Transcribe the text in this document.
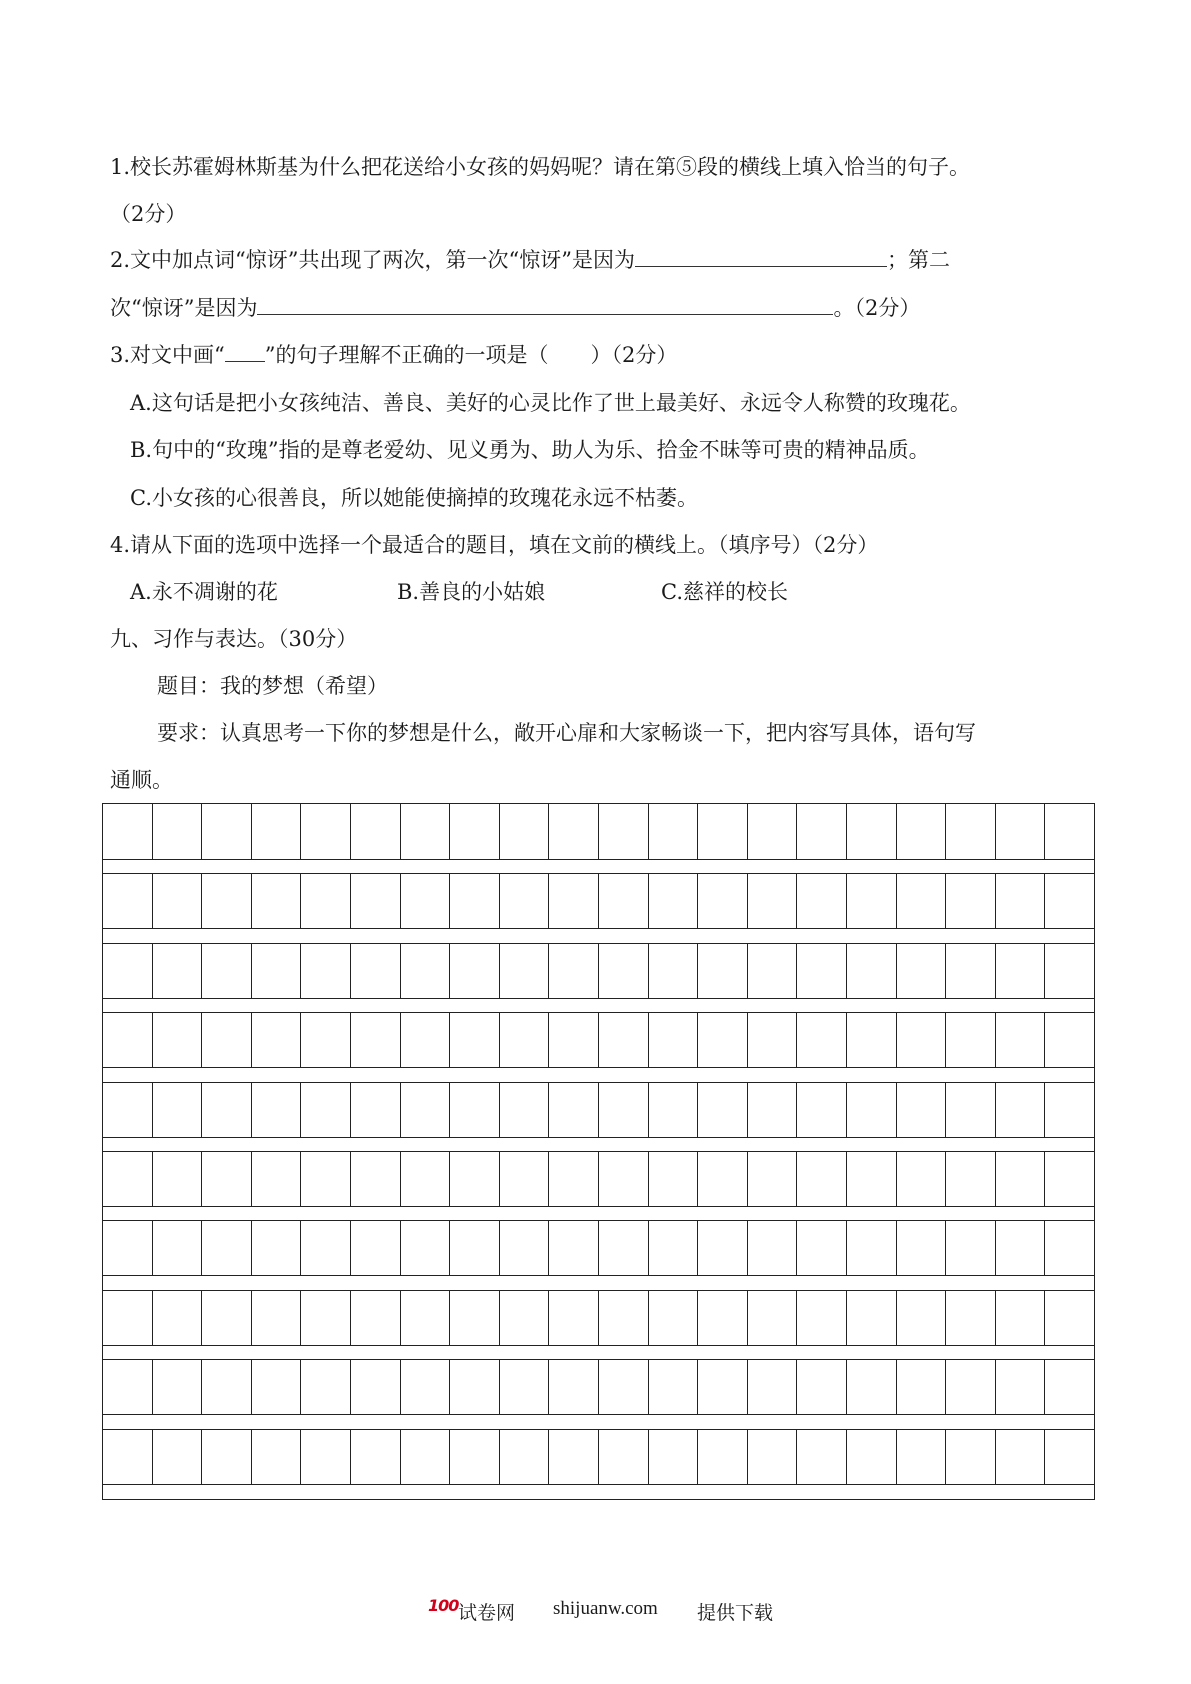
1.校长苏霍姆林斯基为什么把花送给小女孩的妈妈呢？请在第⑤段的横线上填入恰当的句子。
（2分）
2.文中加点词“惊讶”共出现了两次，第一次“惊讶”是因为	；第二
次“惊讶”是因为	。（2分）
3.对文中画“ ”的句子理解不正确的一项是（　　）（2分）
A.这句话是把小女孩纯洁、善良、美好的心灵比作了世上最美好、永远令人称赞的玫瑰花。
B.句中的“玫瑰”指的是尊老爱幼、见义勇为、助人为乐、拾金不昧等可贵的精神品质。
C.小女孩的心很善良，所以她能使摘掉的玫瑰花永远不枯萎。
4.请从下面的选项中选择一个最适合的题目，填在文前的横线上。（填序号）（2分）
A.永不凋谢的花	B.善良的小姑娘	C.慈祥的校长
九、习作与表达。（30分）
题目：我的梦想（希望）
要求：认真思考一下你的梦想是什么，敞开心扉和大家畅谈一下，把内容写具体，语句写
通顺。
100 试卷网 shijuanw.com 提供下载
